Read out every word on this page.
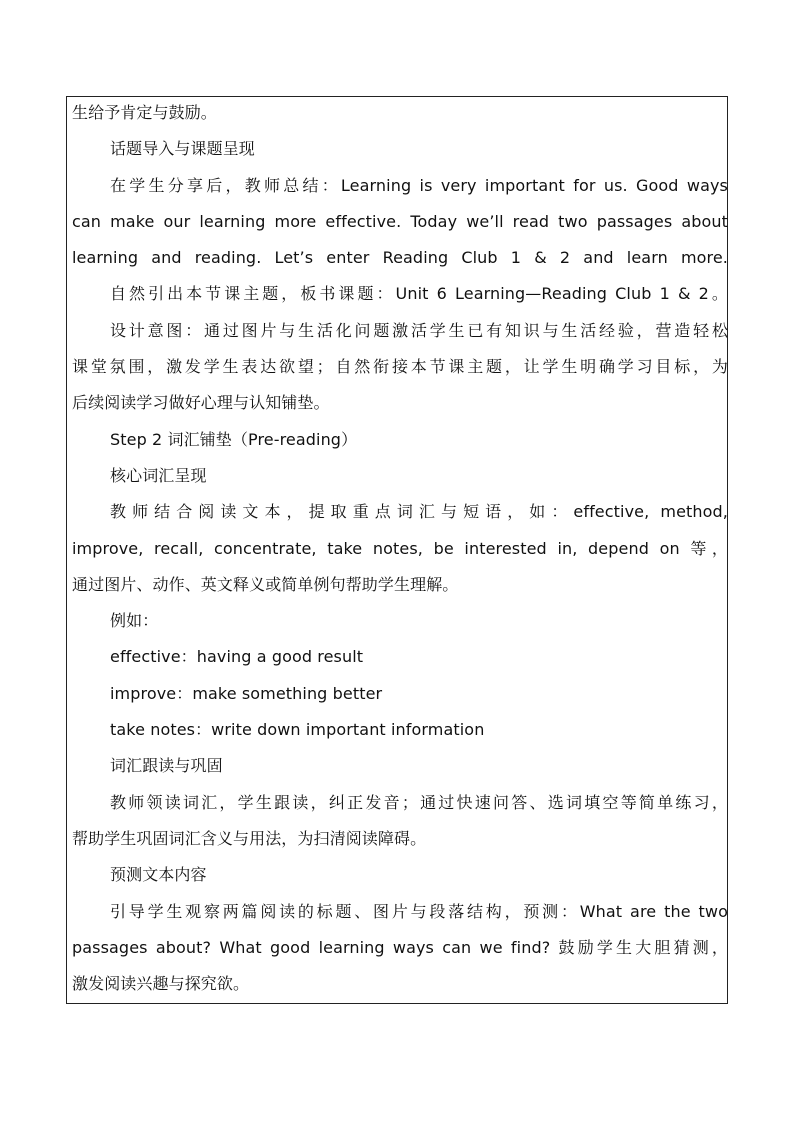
生给予肯定与鼓励。
话题导入与课题呈现
在学生分享后，教师总结：Learning is very important for us. Good ways
can make our learning more effective. Today we’ll read two passages about
learning and reading. Let’s enter Reading Club 1 & 2 and learn more.
自然引出本节课主题，板书课题：Unit 6 Learning—Reading Club 1 & 2。
设计意图：通过图片与生活化问题激活学生已有知识与生活经验，营造轻松
课堂氛围，激发学生表达欲望；自然衔接本节课主题，让学生明确学习目标，为
后续阅读学习做好心理与认知铺垫。
Step 2 词汇铺垫（Pre-reading）
核心词汇呈现
教师结合阅读文本，提取重点词汇与短语，如：effective, method,
improve, recall, concentrate, take notes, be interested in, depend on 等，
通过图片、动作、英文释义或简单例句帮助学生理解。
例如：
effective：having a good result
improve：make something better
take notes：write down important information
词汇跟读与巩固
教师领读词汇，学生跟读，纠正发音；通过快速问答、选词填空等简单练习，
帮助学生巩固词汇含义与用法，为扫清阅读障碍。
预测文本内容
引导学生观察两篇阅读的标题、图片与段落结构，预测：What are the two
passages about? What good learning ways can we find? 鼓励学生大胆猜测，
激发阅读兴趣与探究欲。
